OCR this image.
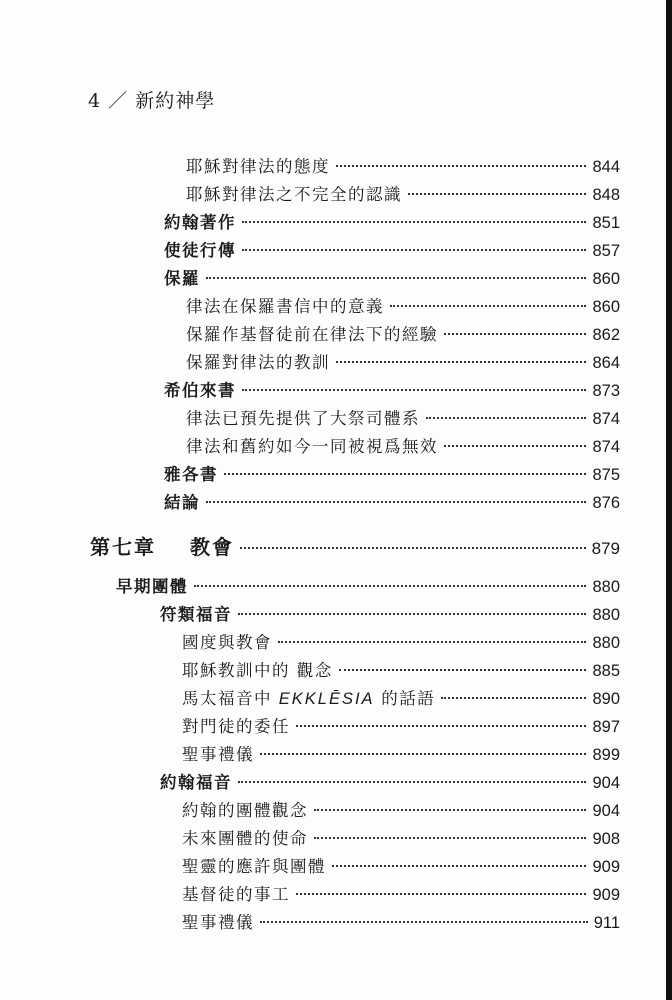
4 ／ 新約神學
耶穌對律法的態度	844
耶穌對律法之不完全的認識	848
約翰著作	851
使徒行傳	857
保羅	860
律法在保羅書信中的意義	860
保羅作基督徒前在律法下的經驗	862
保羅對律法的教訓	864
希伯來書	873
律法已預先提供了大祭司體系	874
律法和舊約如今一同被視爲無效	874
雅各書	875
結論	876
第七章 教會	879
早期團體	880
符類福音	880
國度與教會	880
耶穌教訓中的 觀念	885
馬太福音中 EKKLĒSIA 的話語	890
對門徒的委任	897
聖事禮儀	899
約翰福音	904
約翰的團體觀念	904
未來團體的使命	908
聖靈的應許與團體	909
基督徒的事工	909
聖事禮儀	911
